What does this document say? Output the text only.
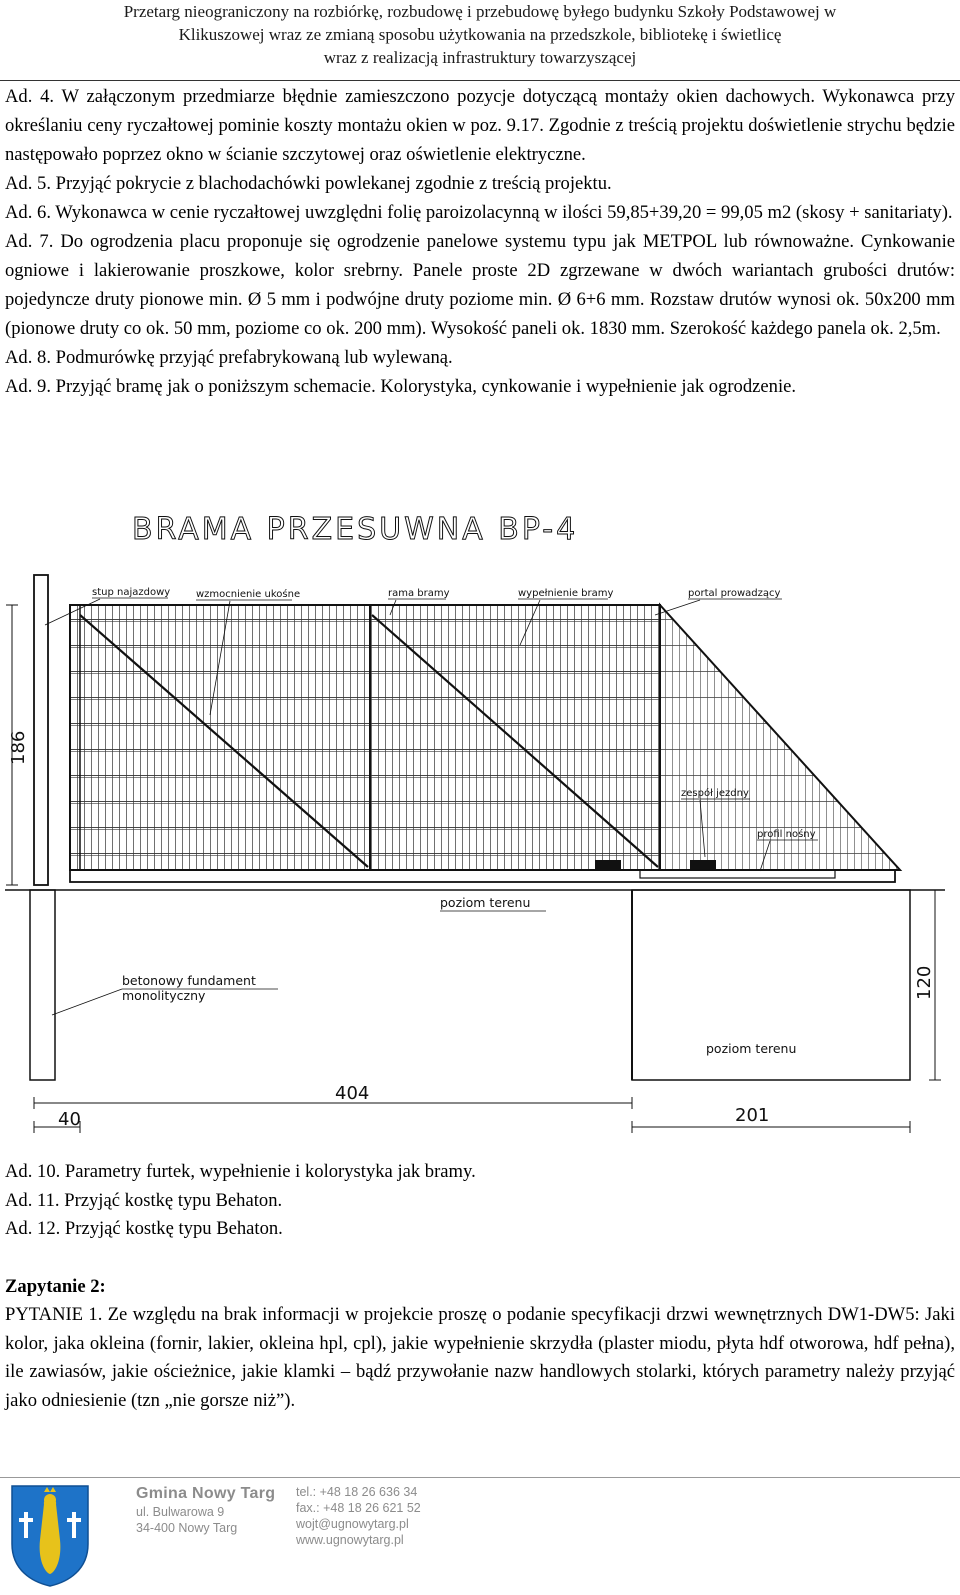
Przetarg nieograniczony na rozbiórkę, rozbudowę i przebudowę byłego budynku Szkoły Podstawowej w
Klikuszowej wraz ze zmianą sposobu użytkowania na przedszkole, bibliotekę i świetlicę
wraz z realizacją infrastruktury towarzyszącej

Ad. 4. W załączonym przedmiarze błędnie zamieszczono pozycje dotyczącą montaży okien dachowych. Wykonawca przy określaniu ceny ryczałtowej pominie koszty montażu okien w poz. 9.17. Zgodnie z treścią projektu doświetlenie strychu będzie następowało poprzez okno w ścianie szczytowej oraz oświetlenie elektryczne.

Ad. 5. Przyjąć pokrycie z blachodachówki powlekanej zgodnie z treścią projektu.

Ad. 6. Wykonawca w cenie ryczałtowej uwzględni folię paroizolacynną w ilości 59,85+39,20 = 99,05 m2 (skosy + sanitariaty).

Ad. 7. Do ogrodzenia placu proponuje się ogrodzenie panelowe systemu typu jak METPOL lub równoważne. Cynkowanie ogniowe i lakierowanie proszkowe, kolor srebrny. Panele proste 2D zgrzewane w dwóch wariantach grubości drutów: pojedyncze druty pionowe min. Ø 5 mm i podwójne druty poziome min. Ø 6+6 mm. Rozstaw drutów wynosi ok. 50x200 mm (pionowe druty co ok. 50 mm, poziome co ok. 200 mm). Wysokość paneli ok. 1830 mm. Szerokość każdego panela ok. 2,5m.

Ad. 8. Podmurówkę przyjąć prefabrykowaną lub wylewaną.

Ad. 9. Przyjąć bramę jak o poniższym schemacie. Kolorystyka, cynkowanie i wypełnienie jak ogrodzenie.

BRAMA PRZESUWNA BP-4
stup najazdowy	wzmocnienie ukośne	rama bramy	wypełnienie bramy	portal prowadzący
zespół jezdny
profil nośny
poziom terenu
betonowy fundament
monolityczny
poziom terenu
186
120
404
40	201

Ad. 10. Parametry furtek, wypełnienie i kolorystyka jak bramy.

Ad. 11. Przyjąć kostkę typu Behaton.

Ad. 12. Przyjąć kostkę typu Behaton.

Zapytanie 2:

PYTANIE 1. Ze względu na brak informacji w projekcie proszę o podanie specyfikacji drzwi wewnętrznych DW1-DW5: Jaki kolor, jaka okleina (fornir, lakier, okleina hpl, cpl), jakie wypełnienie skrzydła (plaster miodu, płyta hdf otworowa, hdf pełna), ile zawiasów, jakie ościeżnice, jakie klamki – bądź przywołanie nazw handlowych stolarki, których parametry należy przyjąć jako odniesienie (tzn „nie gorsze niż”).

Gmina Nowy Targ
ul. Bulwarowa 9
34-400 Nowy Targ
tel.: +48 18 26 636 34
fax.: +48 18 26 621 52
wojt@ugnowytarg.pl
www.ugnowytarg.pl
